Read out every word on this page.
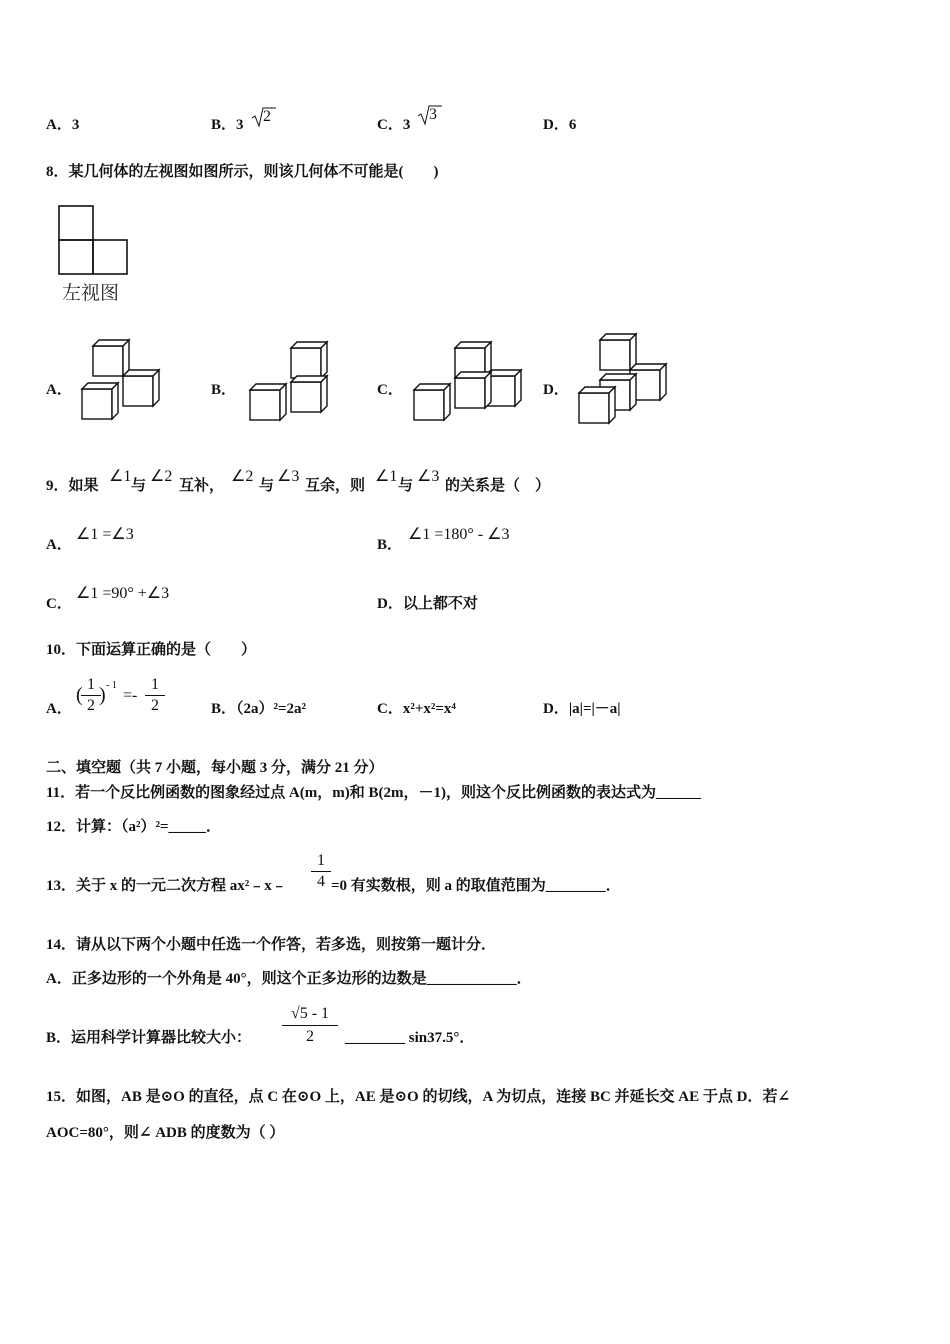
A．3	B．3 2	C．3
3
D．6
8．某几何体的左视图如图所示，则该几何体不可能是(　　)
左视图
A．	B．	C．	D．
9．如果
∠1
与
∠2
互补，
∠2
与
∠3
互余，则
∠1
与
∠3
的关系是（　）
A．
∠1 =∠3
B．
∠1 =180° - ∠3
C．
∠1 =90° +∠3
D．以上都不对
10．下面运算正确的是（　　）
A．
( 1
2 ) - 1
=-
1
2	B．（2a）²=2a²	C．x²+x²=x⁴	D．|a|=|－a|
二、填空题（共 7 小题，每小题 3 分，满分 21 分）
11．若一个反比例函数的图象经过点 A(m，m)和 B(2m，－1)，则这个反比例函数的表达式为______
12．计算：（a²）²=_____．
13．关于 x 的一元二次方程 ax²﹣x﹣
1
4 =0 有实数根，则 a 的取值范围为________．
14．请从以下两个小题中任选一个作答，若多选，则按第一题计分．
A．正多边形的一个外角是 40°，则这个正多边形的边数是____________．
B．运用科学计算器比较大小：
√5 - 1
2	________ sin37.5°．
15．如图，AB 是⊙O 的直径，点 C 在⊙O 上，AE 是⊙O 的切线，A 为切点，连接 BC 并延长交 AE 于点 D．若∠
AOC=80°，则∠ ADB 的度数为（ ）
